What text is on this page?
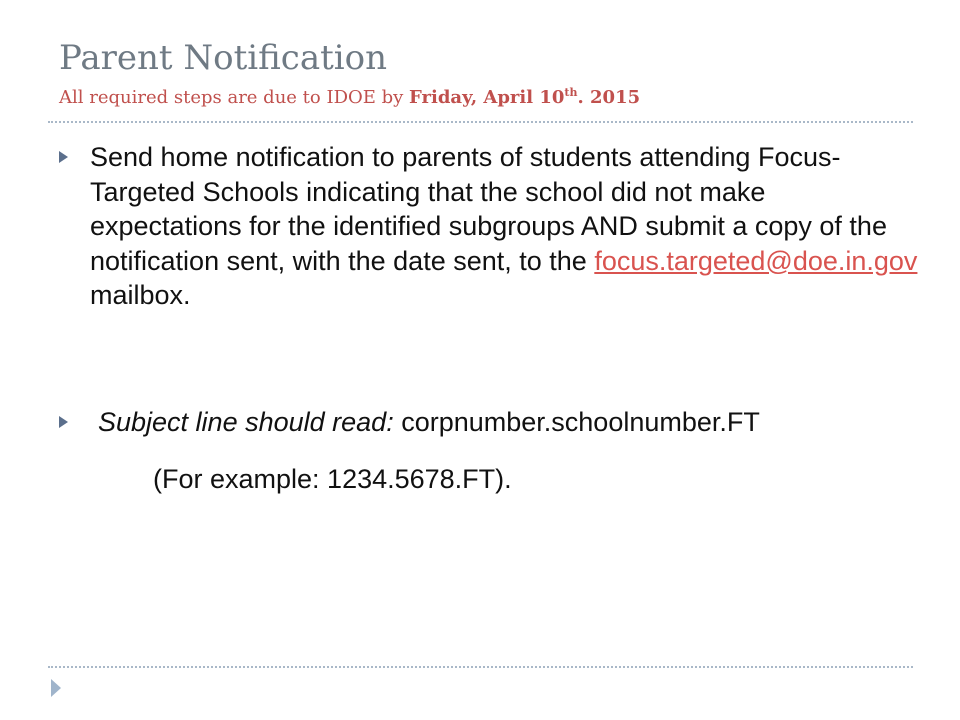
Parent Notification
All required steps are due to IDOE by Friday, April 10th. 2015
Send home notification to parents of students attending Focus-Targeted Schools indicating that the school did not make expectations for the identified subgroups AND submit a copy of the notification sent, with the date sent, to the focus.targeted@doe.in.gov mailbox.
Subject line should read: corpnumber.schoolnumber.FT
(For example: 1234.5678.FT).
